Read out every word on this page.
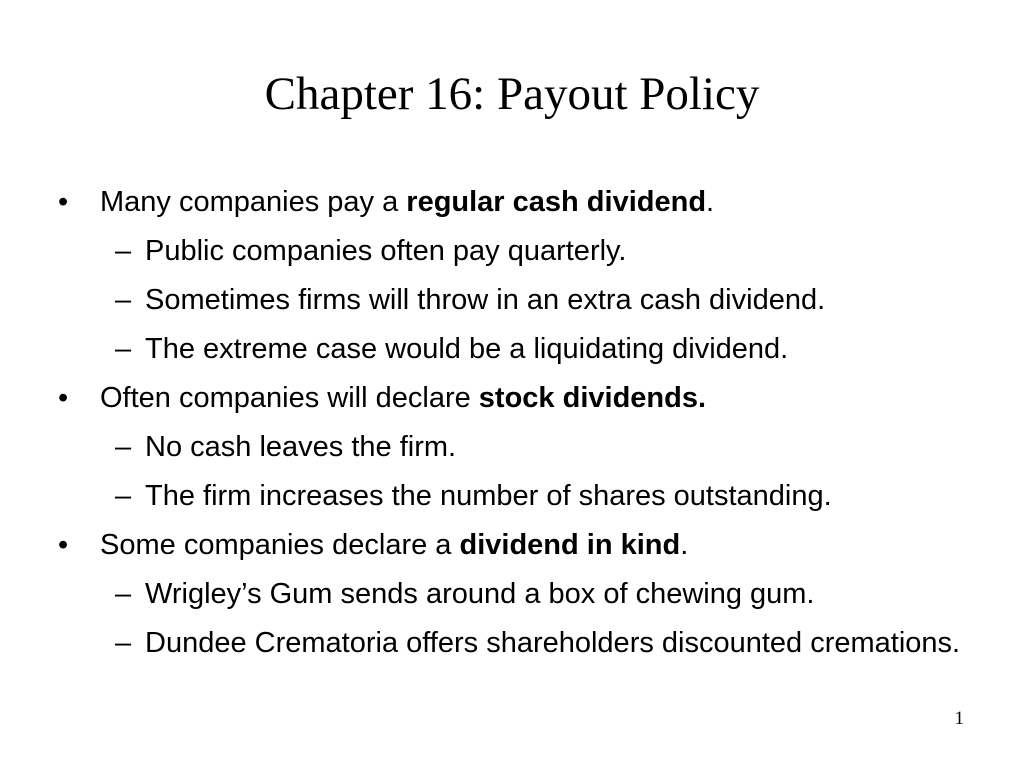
Chapter 16: Payout Policy
•	Many companies pay a regular cash dividend.
– Public companies often pay quarterly.
– Sometimes firms will throw in an extra cash dividend.
– The extreme case would be a liquidating dividend.
•	Often companies will declare stock dividends.
– No cash leaves the firm.
– The firm increases the number of shares outstanding.
•	Some companies declare a dividend in kind.
– Wrigley’s Gum sends around a box of chewing gum.
– Dundee Crematoria offers shareholders discounted cremations.
1
